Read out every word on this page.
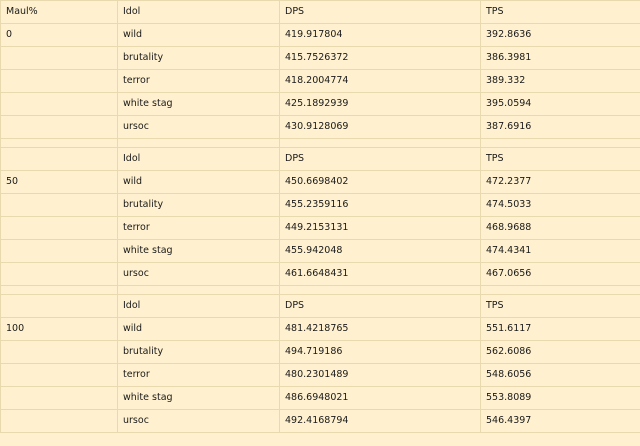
Maul%	Idol	DPS	TPS
0	wild	419.917804	392.8636
	brutality	415.7526372	386.3981
	terror	418.2004774	389.332
	white stag	425.1892939	395.0594
	ursoc	430.9128069	387.6916

	Idol	DPS	TPS
50	wild	450.6698402	472.2377
	brutality	455.2359116	474.5033
	terror	449.2153131	468.9688
	white stag	455.942048	474.4341
	ursoc	461.6648431	467.0656

	Idol	DPS	TPS
100	wild	481.4218765	551.6117
	brutality	494.719186	562.6086
	terror	480.2301489	548.6056
	white stag	486.6948021	553.8089
	ursoc	492.4168794	546.4397
